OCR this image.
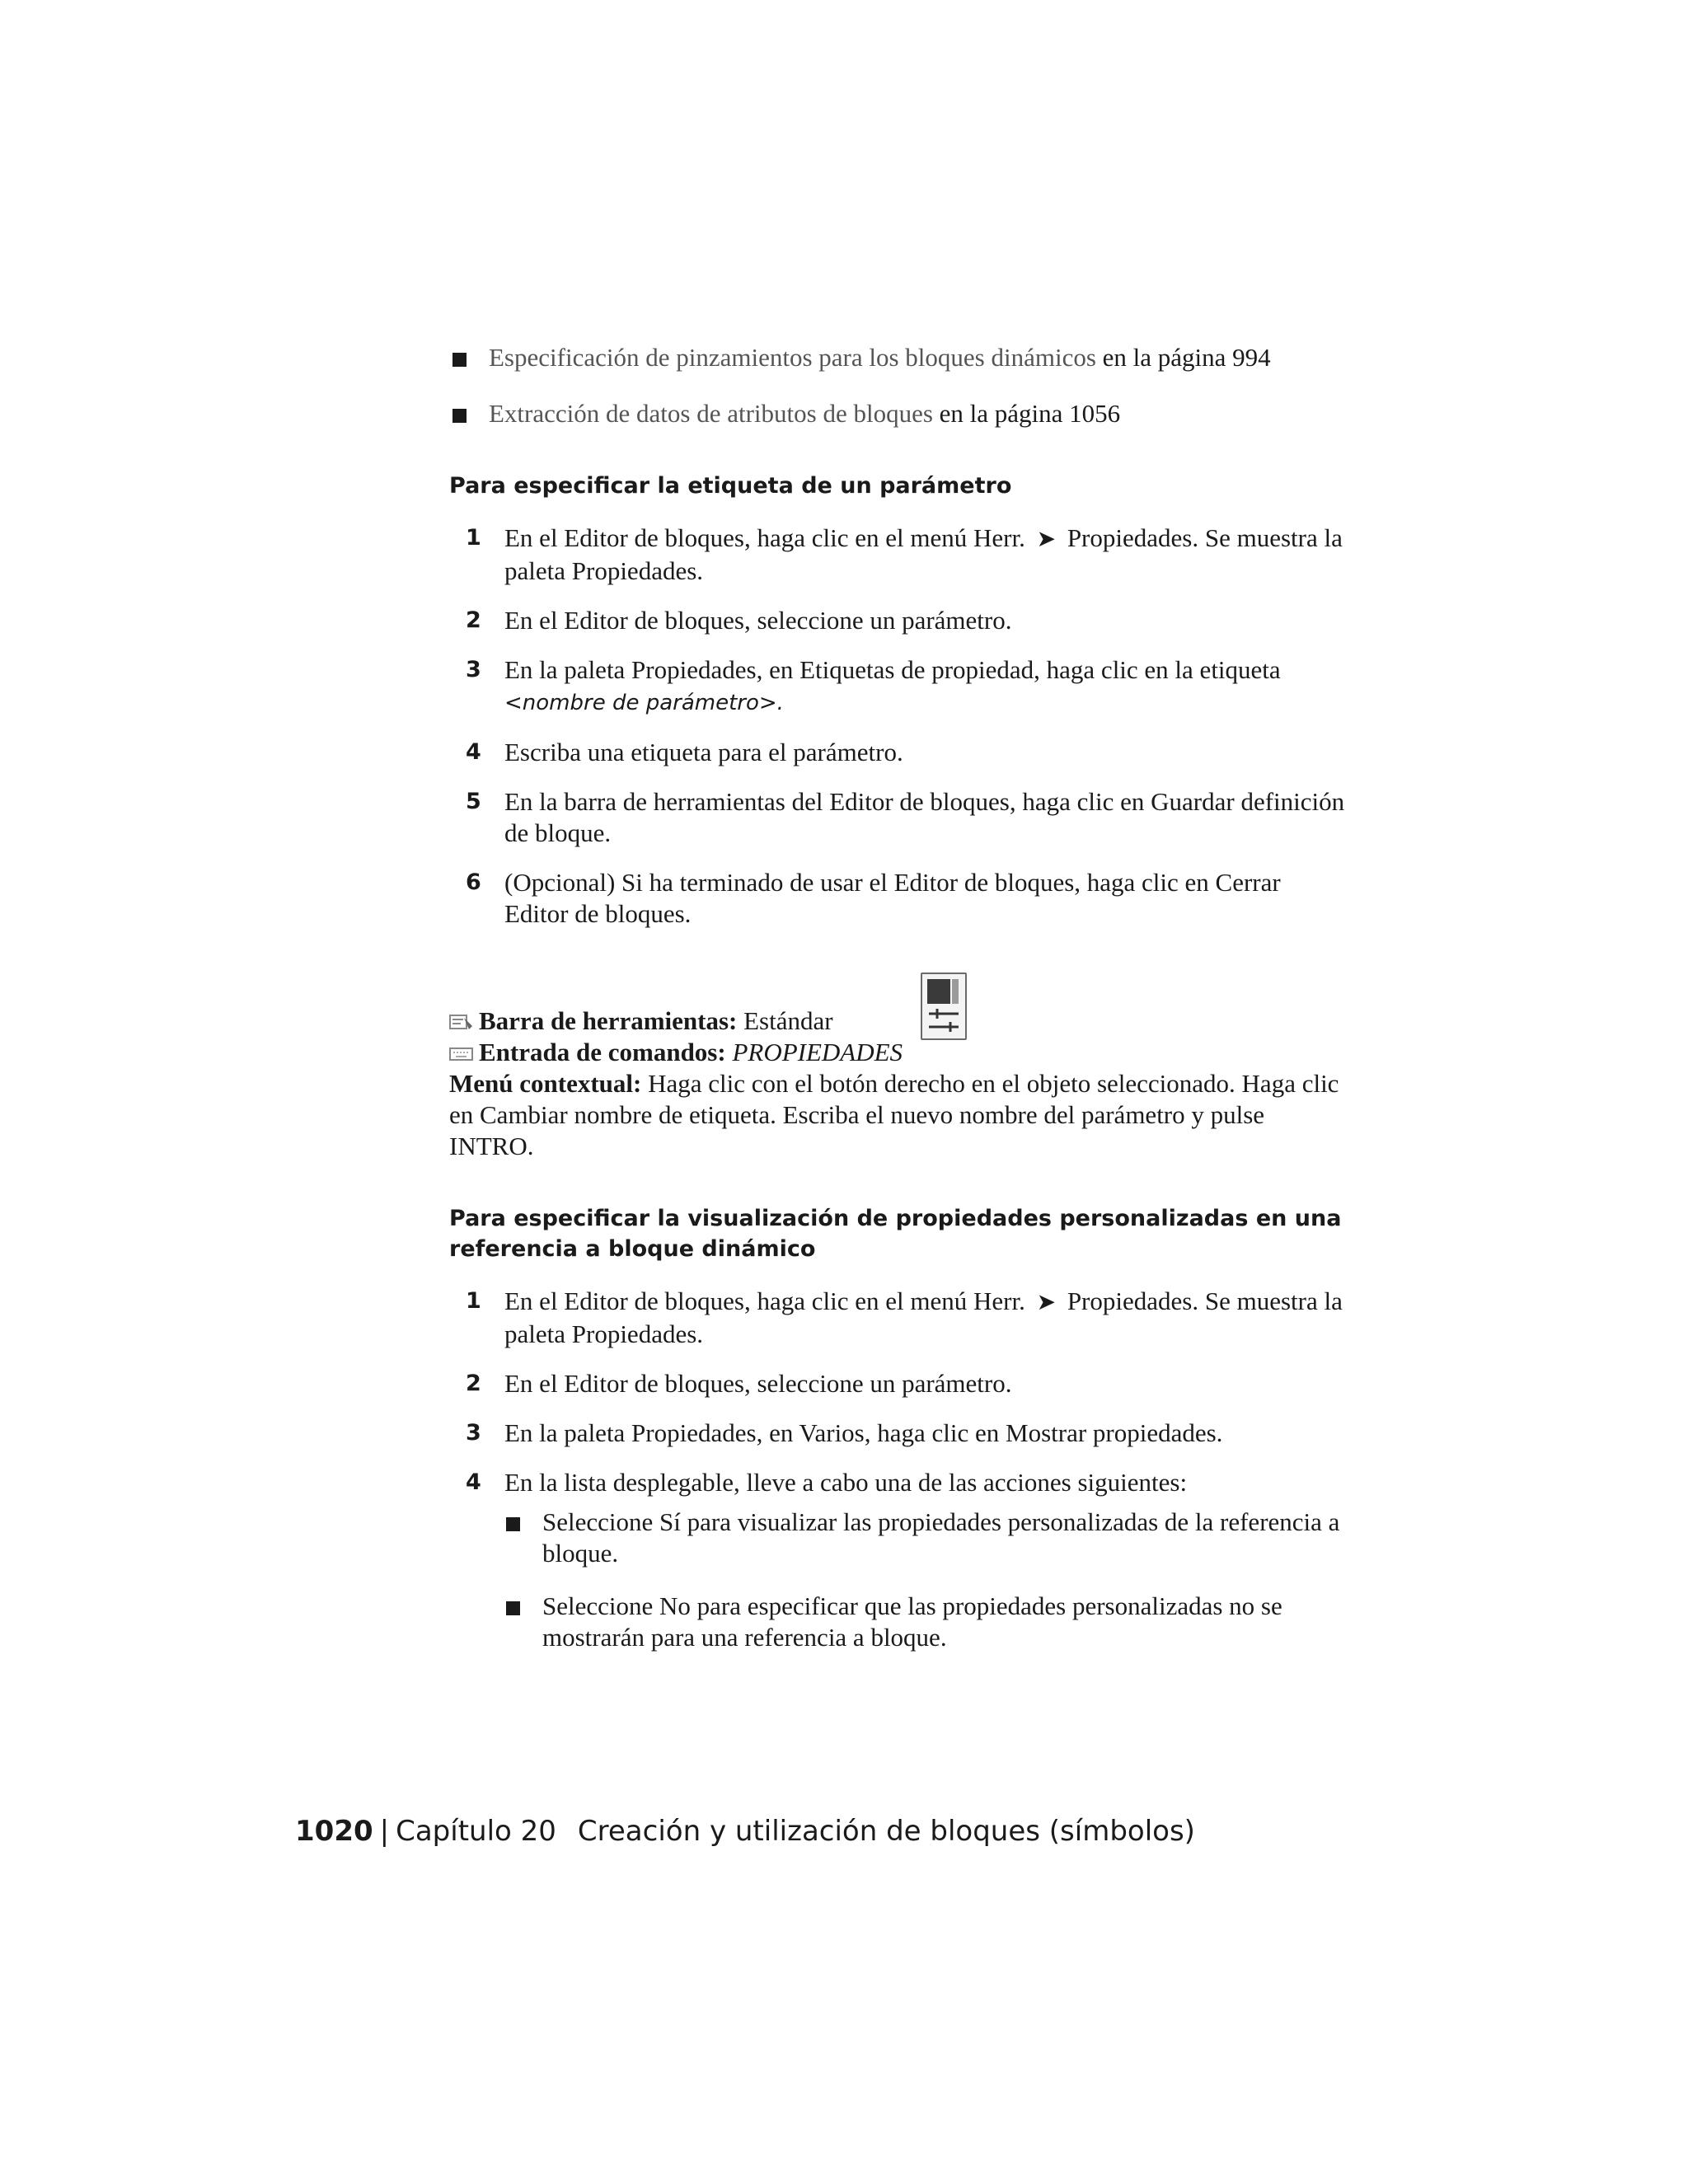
Especificación de pinzamientos para los bloques dinámicos en la página 994
Extracción de datos de atributos de bloques en la página 1056
Para especificar la etiqueta de un parámetro
1 En el Editor de bloques, haga clic en el menú Herr. ➤ Propiedades. Se muestra la paleta Propiedades.
2 En el Editor de bloques, seleccione un parámetro.
3 En la paleta Propiedades, en Etiquetas de propiedad, haga clic en la etiqueta <nombre de parámetro>.
4 Escriba una etiqueta para el parámetro.
5 En la barra de herramientas del Editor de bloques, haga clic en Guardar definición de bloque.
6 (Opcional) Si ha terminado de usar el Editor de bloques, haga clic en Cerrar Editor de bloques.
Barra de herramientas: Estándar
Entrada de comandos: PROPIEDADES
Menú contextual: Haga clic con el botón derecho en el objeto seleccionado. Haga clic en Cambiar nombre de etiqueta. Escriba el nuevo nombre del parámetro y pulse INTRO.
Para especificar la visualización de propiedades personalizadas en una referencia a bloque dinámico
1 En el Editor de bloques, haga clic en el menú Herr. ➤ Propiedades. Se muestra la paleta Propiedades.
2 En el Editor de bloques, seleccione un parámetro.
3 En la paleta Propiedades, en Varios, haga clic en Mostrar propiedades.
4 En la lista desplegable, lleve a cabo una de las acciones siguientes:
Seleccione Sí para visualizar las propiedades personalizadas de la referencia a bloque.
Seleccione No para especificar que las propiedades personalizadas no se mostrarán para una referencia a bloque.
1020 | Capítulo 20 Creación y utilización de bloques (símbolos)
